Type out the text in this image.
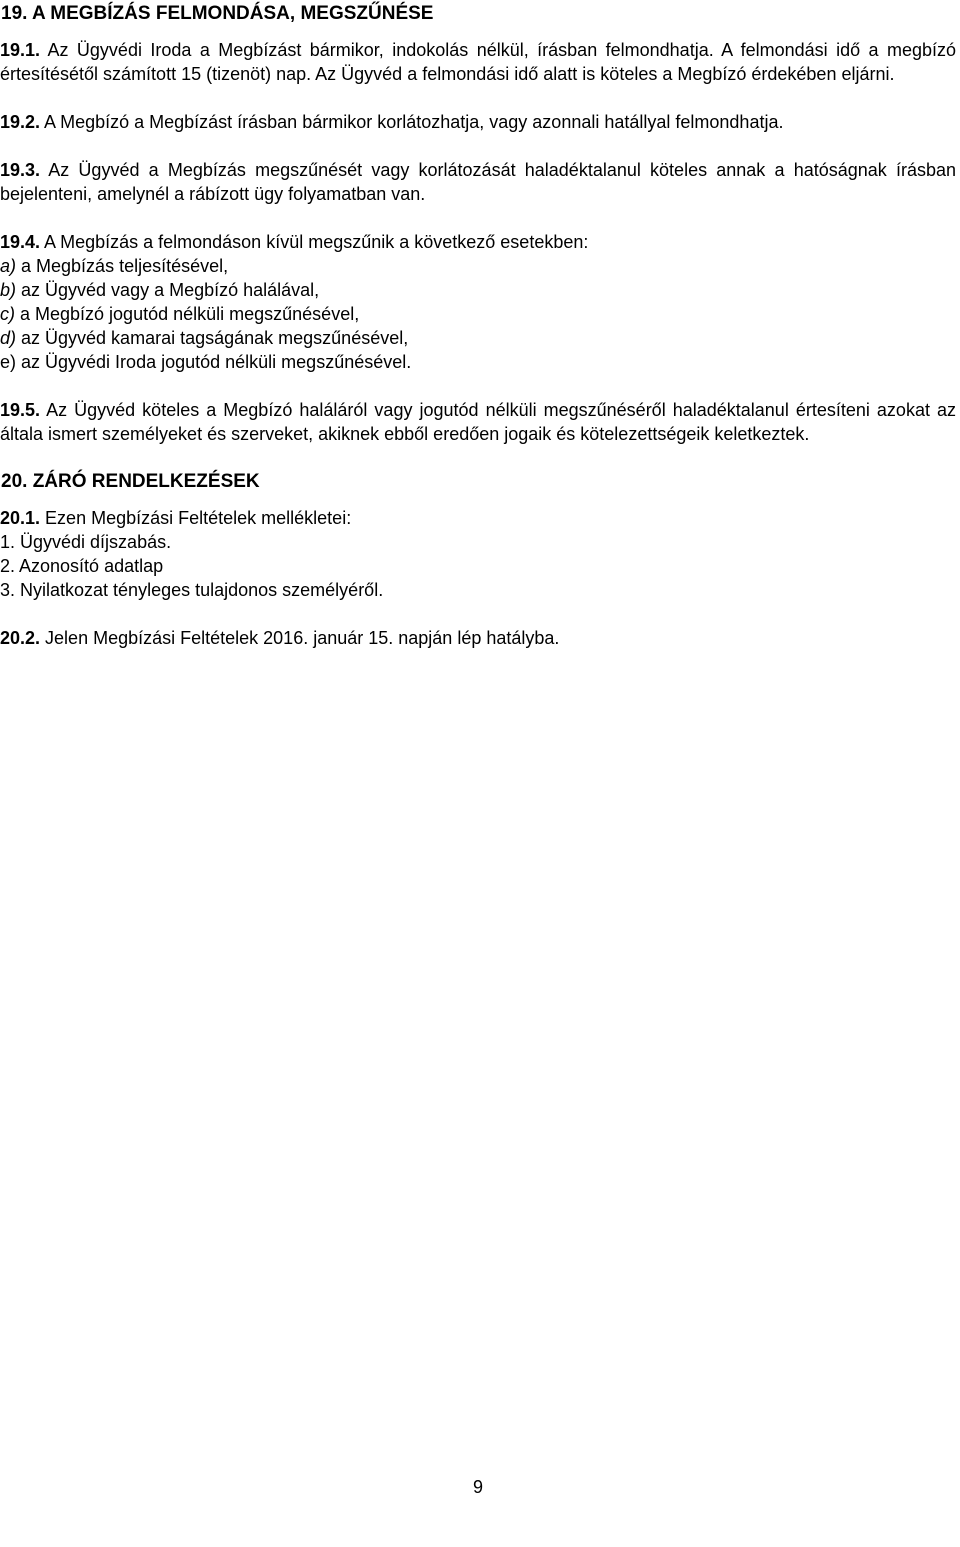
19. A MEGBÍZÁS FELMONDÁSA, MEGSZŰNÉSE

19.1. Az Ügyvédi Iroda a Megbízást bármikor, indokolás nélkül, írásban felmondhatja. A felmondási idő a megbízó értesítésétől számított 15 (tizenöt) nap. Az Ügyvéd a felmondási idő alatt is köteles a Megbízó érdekében eljárni.

19.2. A Megbízó a Megbízást írásban bármikor korlátozhatja, vagy azonnali hatállyal felmondhatja.

19.3. Az Ügyvéd a Megbízás megszűnését vagy korlátozását haladéktalanul köteles annak a hatóságnak írásban bejelenteni, amelynél a rábízott ügy folyamatban van.

19.4. A Megbízás a felmondáson kívül megszűnik a következő esetekben:
a) a Megbízás teljesítésével,
b) az Ügyvéd vagy a Megbízó halálával,
c) a Megbízó jogutód nélküli megszűnésével,
d) az Ügyvéd kamarai tagságának megszűnésével,
e) az Ügyvédi Iroda jogutód nélküli megszűnésével.

19.5. Az Ügyvéd köteles a Megbízó haláláról vagy jogutód nélküli megszűnéséről haladéktalanul értesíteni azokat az általa ismert személyeket és szerveket, akiknek ebből eredően jogaik és kötelezettségeik keletkeztek.

20. ZÁRÓ RENDELKEZÉSEK

20.1. Ezen Megbízási Feltételek mellékletei:
1. Ügyvédi díjszabás.
2. Azonosító adatlap
3. Nyilatkozat tényleges tulajdonos személyéről.

20.2. Jelen Megbízási Feltételek 2016. január 15. napján lép hatályba.

9
